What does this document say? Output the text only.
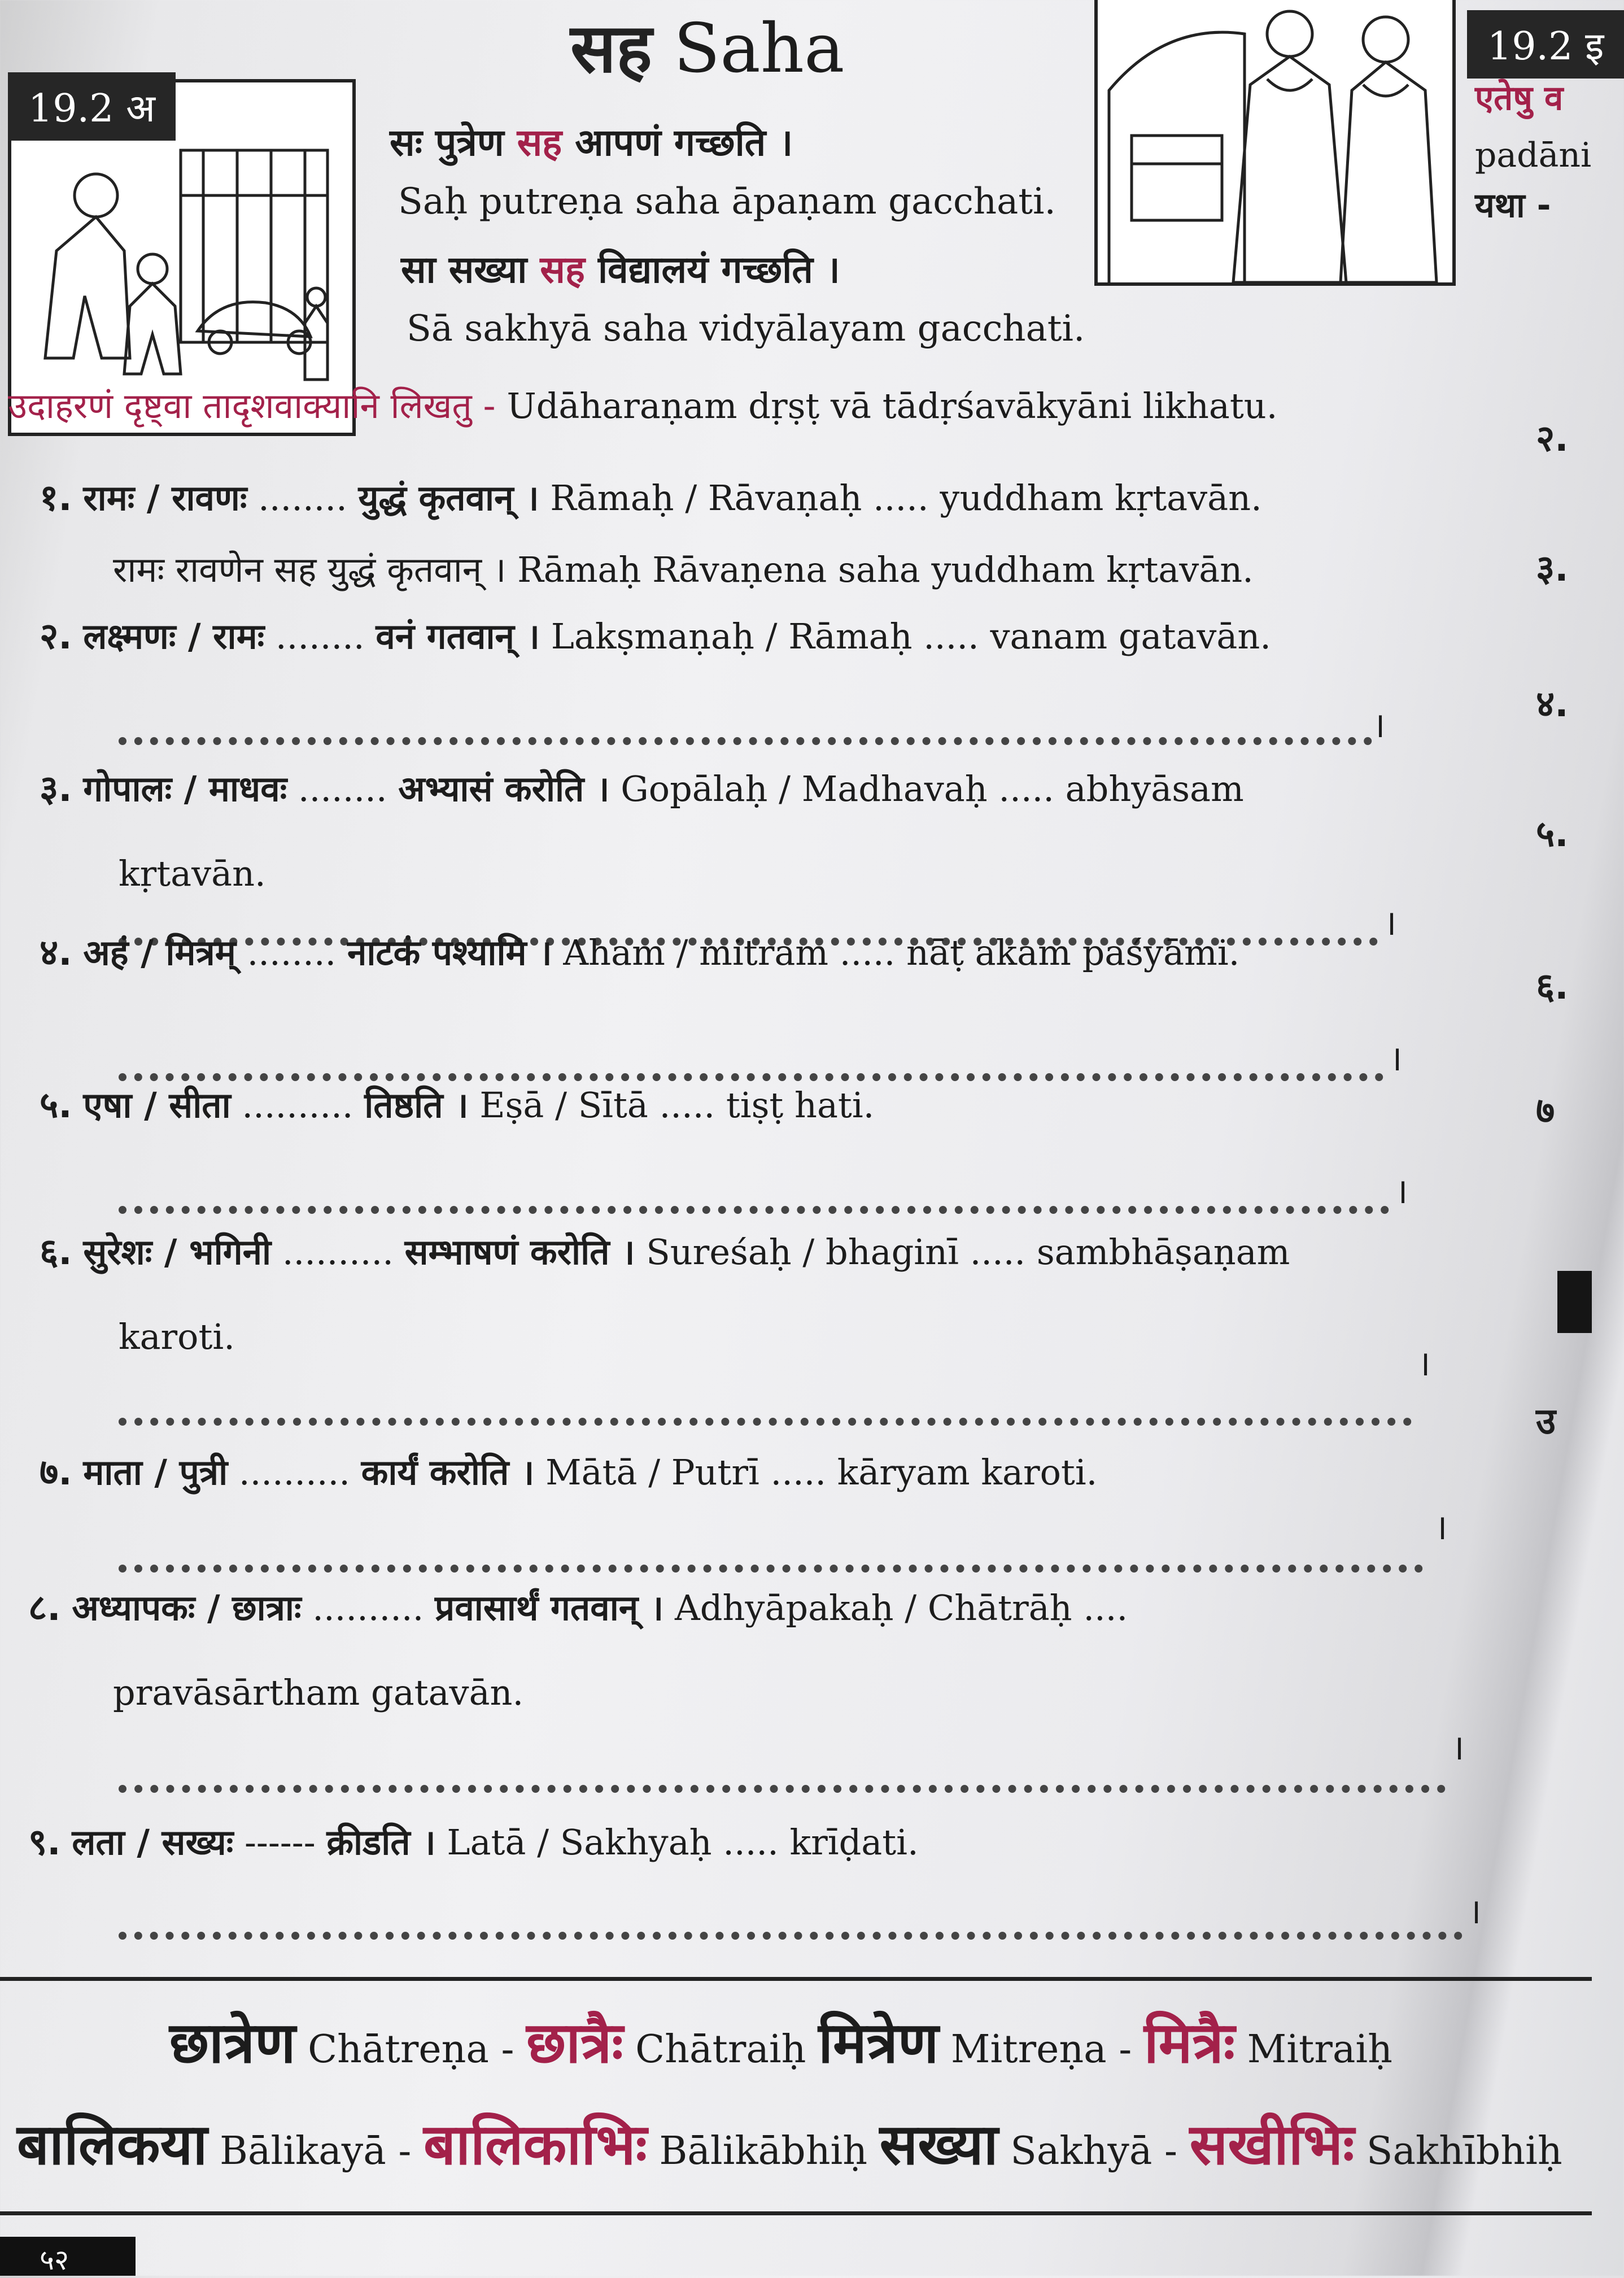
सह Saha
19.2 अ
सः पुत्रेण सह आपणं गच्छति ।
Saḥ putreṇa saha āpaṇam gacchati.
सा सख्या सह विद्यालयं गच्छति ।
Sā sakhyā saha vidyālayam gacchati.
19.2 इ
एतेषु व
padāni
यथा -
२.
३.
४.
५.
६.
७
उ
उदाहरणं दृष्ट्वा तादृशवाक्यानि लिखतु - Udāharaṇam dṛṣṭ vā tādṛśavākyāni likhatu.
१. रामः / रावणः ........ युद्धं कृतवान् । Rāmaḥ / Rāvaṇaḥ ..... yuddham kṛtavān.
रामः रावणेन सह युद्धं कृतवान् । Rāmaḥ Rāvaṇena saha yuddham kṛtavān.
२. लक्ष्मणः / रामः ........ वनं गतवान् । Lakṣmaṇaḥ / Rāmaḥ ..... vanam gatavān.
।
३. गोपालः / माधवः ........ अभ्यासं करोति । Gopālaḥ / Madhavaḥ ..... abhyāsam
kṛtavān.
।
४. अहं / मित्रम् ........ नाटकं पश्यामि । Aham / mitram ..... nāṭ akam paśyāmi.
।
५. एषा / सीता .......... तिष्ठति । Eṣā / Sītā ..... tiṣṭ hati.
।
६. सुरेशः / भगिनी .......... सम्भाषणं करोति । Sureśaḥ / bhaginī ..... sambhāṣaṇam
karoti.
।
७. माता / पुत्री .......... कार्यं करोति । Mātā / Putrī ..... kāryam karoti.
।
८. अध्यापकः / छात्राः .......... प्रवासार्थं गतवान् । Adhyāpakaḥ / Chātrāḥ ....
pravāsārtham gatavān.
।
९. लता / सख्यः ------ क्रीडति । Latā / Sakhyaḥ ..... krīḍati.
।
छात्रेण Chātreṇa - छात्रैः Chātraiḥ मित्रेण Mitreṇa - मित्रैः Mitraiḥ
बालिकया Bālikayā - बालिकाभिः Bālikābhiḥ सख्या Sakhyā - सखीभिः Sakhībhiḥ
५२
